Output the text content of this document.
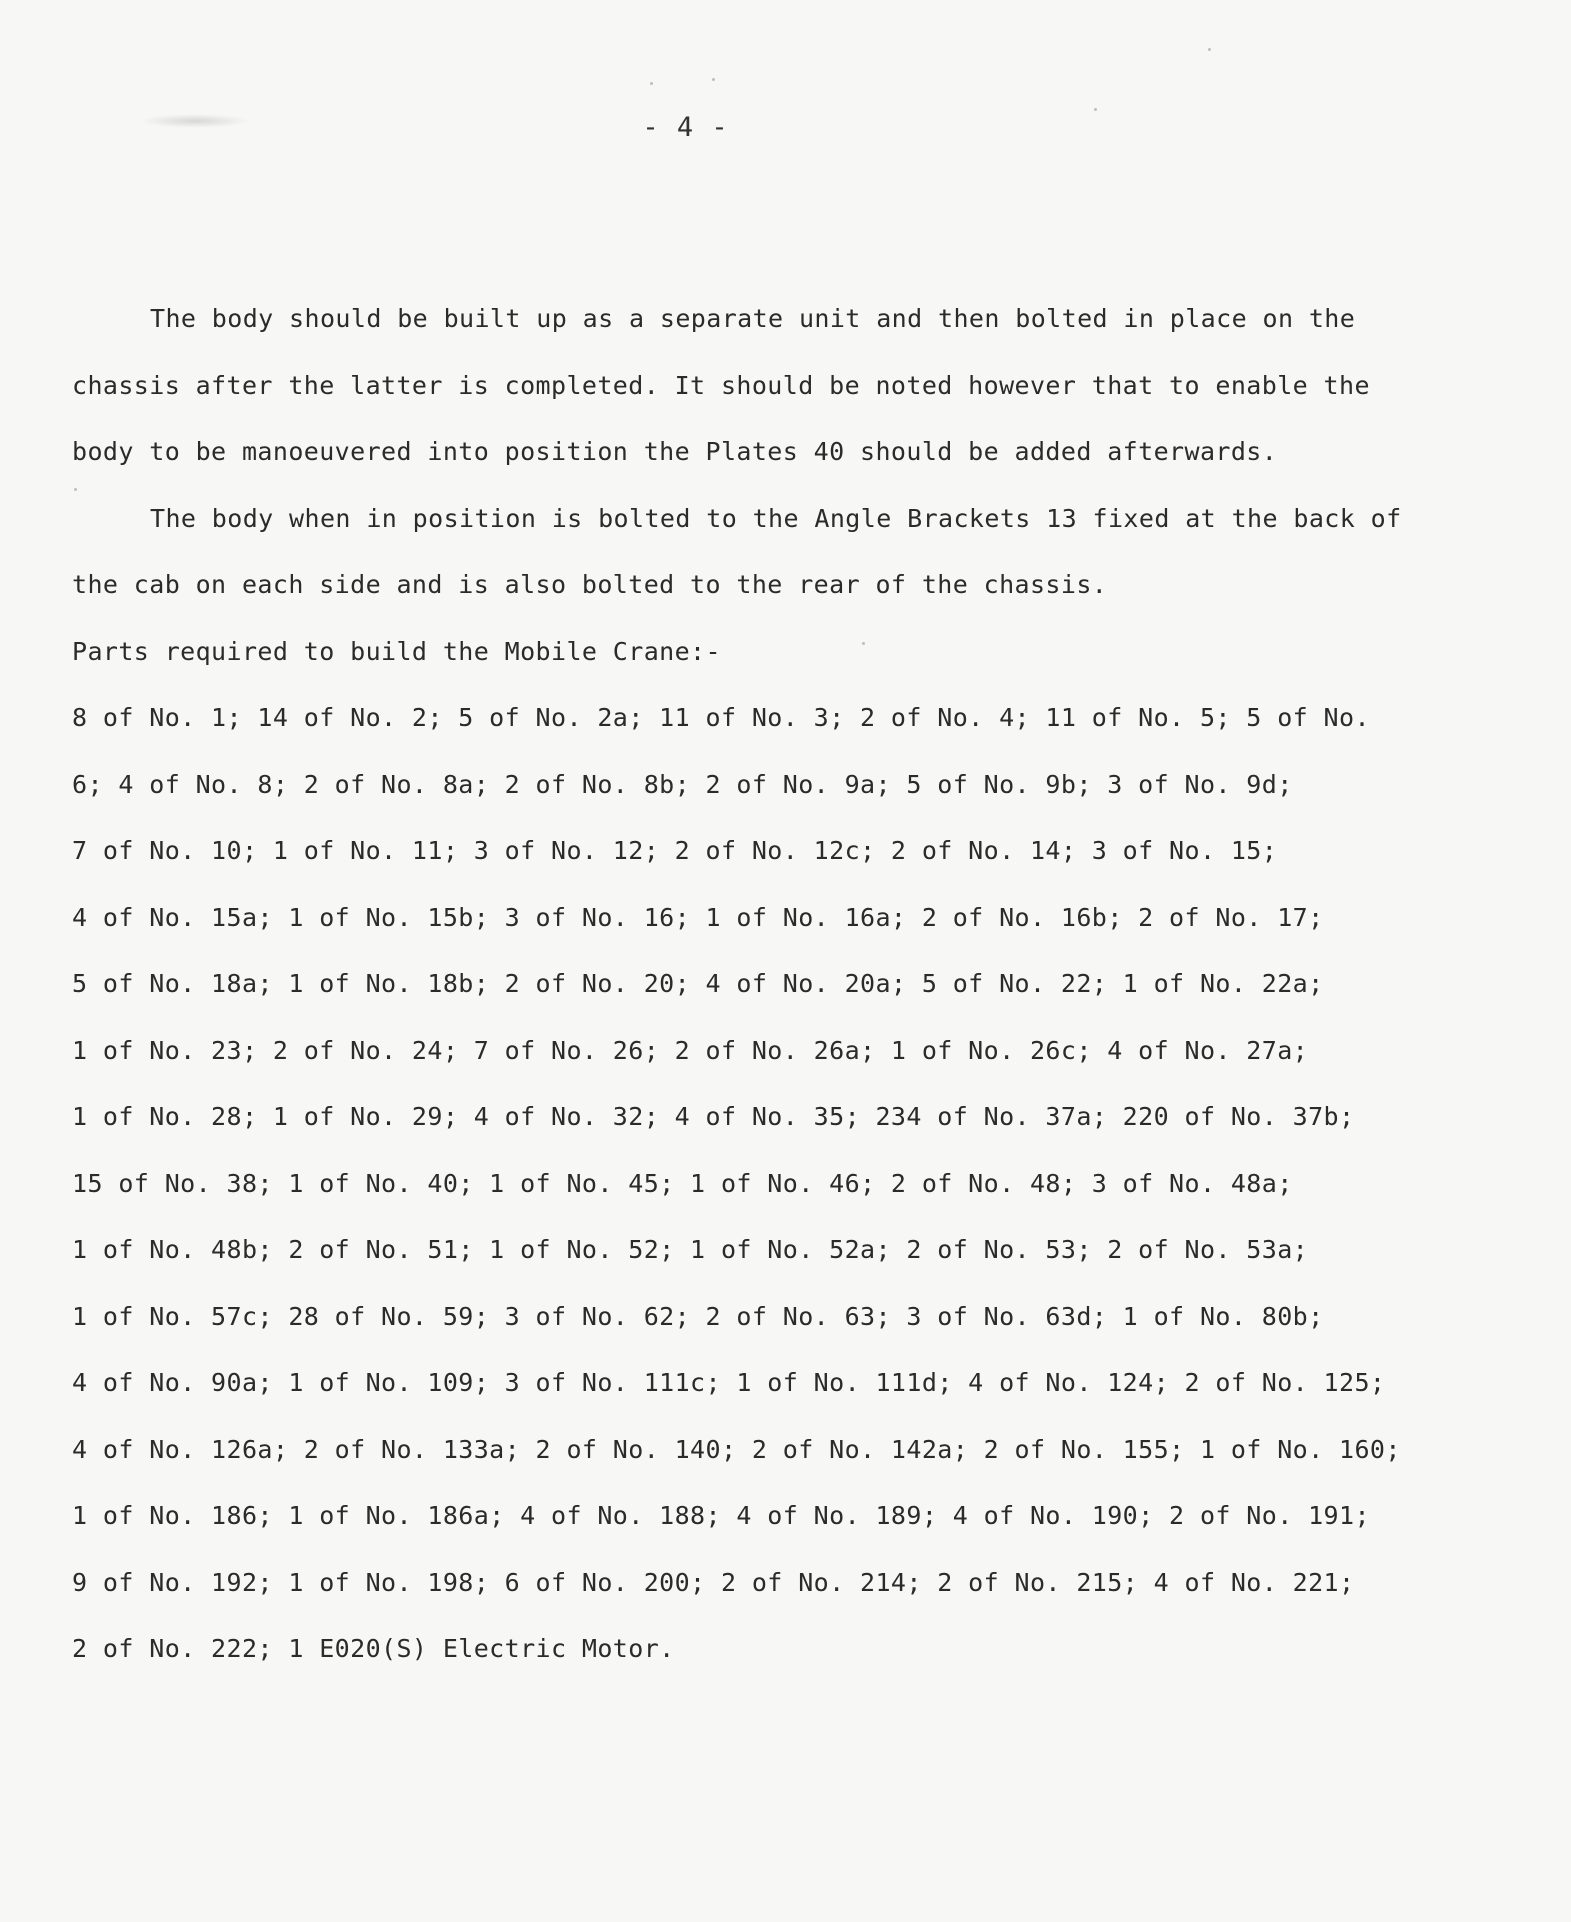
- 4 -
The body should be built up as a separate unit and then bolted in place on the
chassis after the latter is completed. It should be noted however that to enable the
body to be manoeuvered into position the Plates 40 should be added afterwards.
The body when in position is bolted to the Angle Brackets 13 fixed at the back of
the cab on each side and is also bolted to the rear of the chassis.
Parts required to build the Mobile Crane:-
8 of No. 1; 14 of No. 2; 5 of No. 2a; 11 of No. 3; 2 of No. 4; 11 of No. 5; 5 of No.
6; 4 of No. 8; 2 of No. 8a; 2 of No. 8b; 2 of No. 9a; 5 of No. 9b; 3 of No. 9d;
7 of No. 10; 1 of No. 11; 3 of No. 12; 2 of No. 12c; 2 of No. 14; 3 of No. 15;
4 of No. 15a; 1 of No. 15b; 3 of No. 16; 1 of No. 16a; 2 of No. 16b; 2 of No. 17;
5 of No. 18a; 1 of No. 18b; 2 of No. 20; 4 of No. 20a; 5 of No. 22; 1 of No. 22a;
1 of No. 23; 2 of No. 24; 7 of No. 26; 2 of No. 26a; 1 of No. 26c; 4 of No. 27a;
1 of No. 28; 1 of No. 29; 4 of No. 32; 4 of No. 35; 234 of No. 37a; 220 of No. 37b;
15 of No. 38; 1 of No. 40; 1 of No. 45; 1 of No. 46; 2 of No. 48; 3 of No. 48a;
1 of No. 48b; 2 of No. 51; 1 of No. 52; 1 of No. 52a; 2 of No. 53; 2 of No. 53a;
1 of No. 57c; 28 of No. 59; 3 of No. 62; 2 of No. 63; 3 of No. 63d; 1 of No. 80b;
4 of No. 90a; 1 of No. 109; 3 of No. 111c; 1 of No. 111d; 4 of No. 124; 2 of No. 125;
4 of No. 126a; 2 of No. 133a; 2 of No. 140; 2 of No. 142a; 2 of No. 155; 1 of No. 160;
1 of No. 186; 1 of No. 186a; 4 of No. 188; 4 of No. 189; 4 of No. 190; 2 of No. 191;
9 of No. 192; 1 of No. 198; 6 of No. 200; 2 of No. 214; 2 of No. 215; 4 of No. 221;
2 of No. 222; 1 E020(S) Electric Motor.
